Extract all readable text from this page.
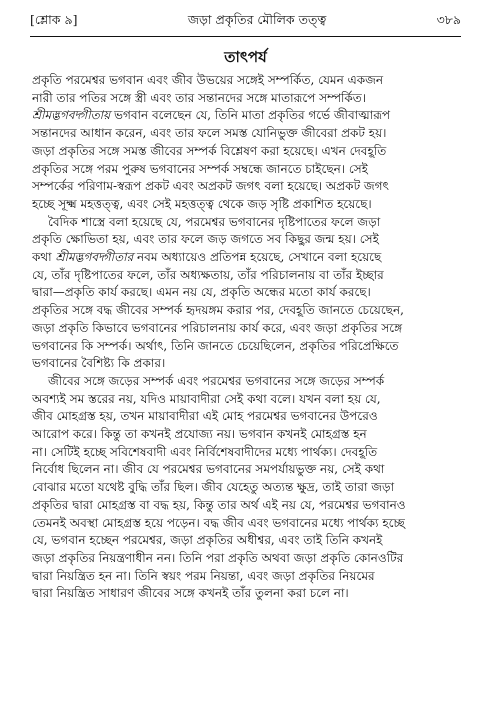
[শ্লোক ৯]	জড়া প্রকৃতির মৌলিক তত্ত্ব	৩৮৯
তাৎপর্য

প্রকৃতি পরমেশ্বর ভগবান এবং জীব উভয়ের সঙ্গেই সম্পর্কিত, যেমন একজন
নারী তার পতির সঙ্গে স্ত্রী এবং তার সন্তানদের সঙ্গে মাতারূপে সম্পর্কিত।
শ্রীমদ্ভগবদ্গীতায় ভগবান বলেছেন যে, তিনি মাতা প্রকৃতির গর্ভে জীবাত্মারূপ
সন্তানদের আধান করেন, এবং তার ফলে সমস্ত যোনিভুক্ত জীবেরা প্রকট হয়।
জড়া প্রকৃতির সঙ্গে সমস্ত জীবের সম্পর্ক বিশ্লেষণ করা হয়েছে। এখন দেবহূতি
প্রকৃতির সঙ্গে পরম পুরুষ ভগবানের সম্পর্ক সম্বন্ধে জানতে চাইছেন। সেই
সম্পর্কের পরিণাম-স্বরূপ প্রকট এবং অপ্রকট জগৎ বলা হয়েছে। অপ্রকট জগৎ
হচ্ছে সূক্ষ্ম মহত্তত্ত্ব, এবং সেই মহত্তত্ত্ব থেকে জড় সৃষ্টি প্রকাশিত হয়েছে।

বৈদিক শাস্ত্রে বলা হয়েছে যে, পরমেশ্বর ভগবানের দৃষ্টিপাতের ফলে জড়া
প্রকৃতি ক্ষোভিতা হয়, এবং তার ফলে জড় জগতে সব কিছুর জন্ম হয়। সেই
কথা শ্রীমদ্ভগবদ্গীতার নবম অধ্যায়েও প্রতিপন্ন হয়েছে, সেখানে বলা হয়েছে
যে, তাঁর দৃষ্টিপাতের ফলে, তাঁর অধ্যক্ষতায়, তাঁর পরিচালনায় বা তাঁর ইচ্ছার
দ্বারা—প্রকৃতি কার্য করছে। এমন নয় যে, প্রকৃতি অন্ধের মতো কার্য করছে।
প্রকৃতির সঙ্গে বদ্ধ জীবের সম্পর্ক হৃদয়ঙ্গম করার পর, দেবহূতি জানতে চেয়েছেন,
জড়া প্রকৃতি কিভাবে ভগবানের পরিচালনায় কার্য করে, এবং জড়া প্রকৃতির সঙ্গে
ভগবানের কি সম্পর্ক। অর্থাৎ, তিনি জানতে চেয়েছিলেন, প্রকৃতির পরিপ্রেক্ষিতে
ভগবানের বৈশিষ্ট্য কি প্রকার।

জীবের সঙ্গে জড়ের সম্পর্ক এবং পরমেশ্বর ভগবানের সঙ্গে জড়ের সম্পর্ক
অবশ্যই সম স্তরের নয়, যদিও মায়াবাদীরা সেই কথা বলে। যখন বলা হয় যে,
জীব মোহগ্রস্ত হয়, তখন মায়াবাদীরা এই মোহ পরমেশ্বর ভগবানের উপরেও
আরোপ করে। কিন্তু তা কখনই প্রযোজ্য নয়। ভগবান কখনই মোহগ্রস্ত হন
না। সেটিই হচ্ছে সবিশেষবাদী এবং নির্বিশেষবাদীদের মধ্যে পার্থক্য। দেবহূতি
নির্বোধ ছিলেন না। জীব যে পরমেশ্বর ভগবানের সমপর্যায়ভুক্ত নয়, সেই কথা
বোঝার মতো যথেষ্ট বুদ্ধি তাঁর ছিল। জীব যেহেতু অত্যন্ত ক্ষুদ্র, তাই তারা জড়া
প্রকৃতির দ্বারা মোহগ্রস্ত বা বদ্ধ হয়, কিন্তু তার অর্থ এই নয় যে, পরমেশ্বর ভগবানও
তেমনই অবস্থা মোহগ্রস্ত হয়ে পড়েন। বদ্ধ জীব এবং ভগবানের মধ্যে পার্থক্য হচ্ছে
যে, ভগবান হচ্ছেন পরমেশ্বর, জড়া প্রকৃতির অধীশ্বর, এবং তাই তিনি কখনই
জড়া প্রকৃতির নিয়ন্ত্রণাধীন নন। তিনি পরা প্রকৃতি অথবা জড়া প্রকৃতি কোনওটির
দ্বারা নিয়ন্ত্রিত হন না। তিনি স্বয়ং পরম নিয়ন্তা, এবং জড়া প্রকৃতির নিয়মের
দ্বারা নিয়ন্ত্রিত সাধারণ জীবের সঙ্গে কখনই তাঁর তুলনা করা চলে না।
